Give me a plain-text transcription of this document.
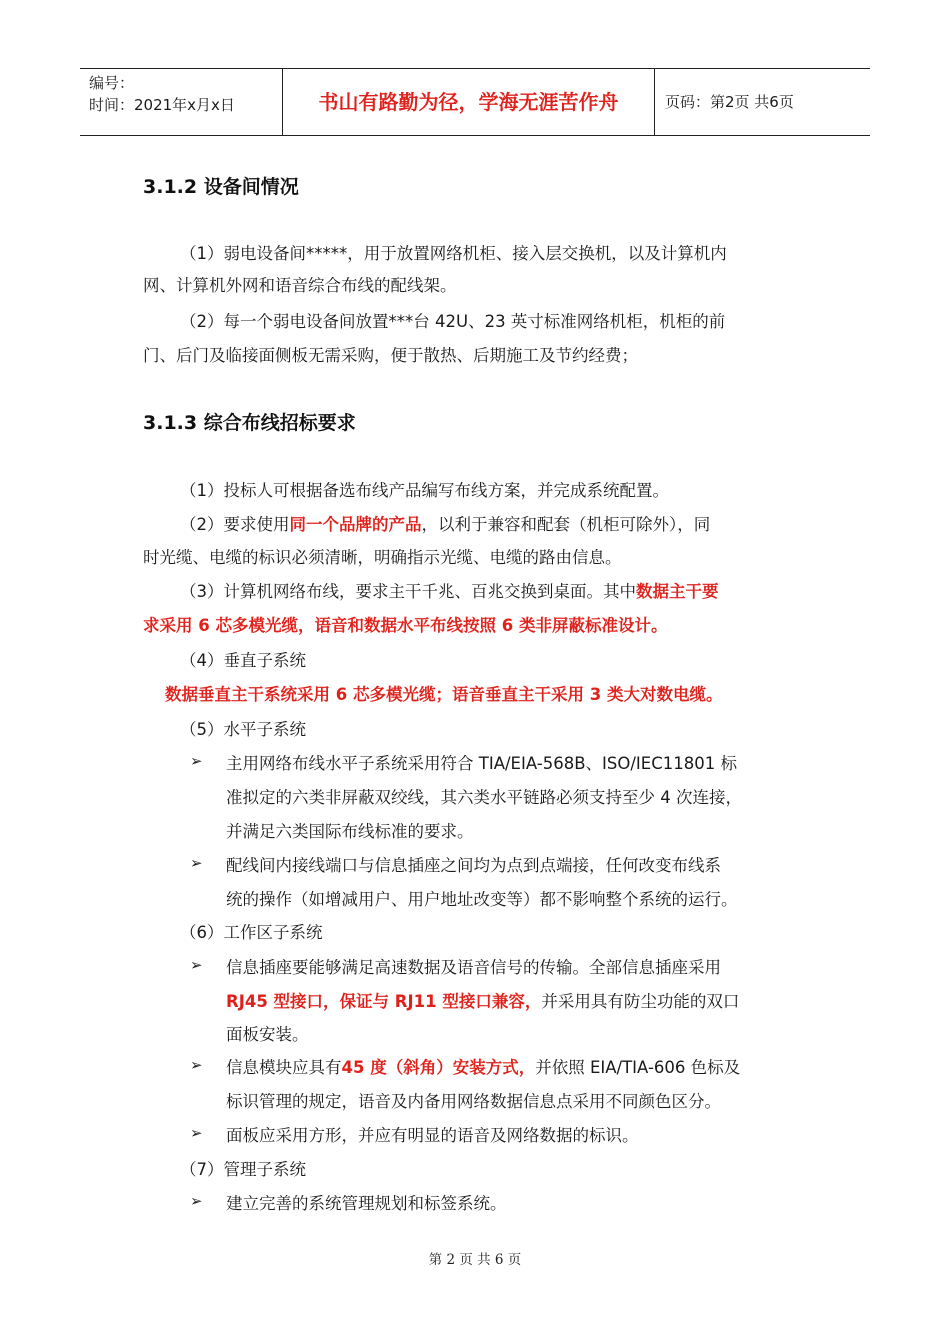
编号：
时间：2021年x月x日	书山有路勤为径，学海无涯苦作舟	页码：第2页 共6页
3.1.2 设备间情况
（1）弱电设备间*****，用于放置网络机柜、接入层交换机，以及计算机内
网、计算机外网和语音综合布线的配线架。
（2）每一个弱电设备间放置***台 42U、23 英寸标准网络机柜，机柜的前
门、后门及临接面侧板无需采购，便于散热、后期施工及节约经费；
3.1.3 综合布线招标要求
（1）投标人可根据备选布线产品编写布线方案，并完成系统配置。
（2）要求使用同一个品牌的产品，以利于兼容和配套（机柜可除外），同
时光缆、电缆的标识必须清晰，明确指示光缆、电缆的路由信息。
（3）计算机网络布线，要求主干千兆、百兆交换到桌面。其中数据主干要
求采用 6 芯多模光缆，语音和数据水平布线按照 6 类非屏蔽标准设计。
（4）垂直子系统
数据垂直主干系统采用 6 芯多模光缆；语音垂直主干采用 3 类大对数电缆。
（5）水平子系统
➢ 主用网络布线水平子系统采用符合 TIA/EIA-568B、ISO/IEC11801 标
准拟定的六类非屏蔽双绞线，其六类水平链路必须支持至少 4 次连接，
并满足六类国际布线标准的要求。
➢ 配线间内接线端口与信息插座之间均为点到点端接，任何改变布线系
统的操作（如增减用户、用户地址改变等）都不影响整个系统的运行。
（6）工作区子系统
➢ 信息插座要能够满足高速数据及语音信号的传输。全部信息插座采用
RJ45 型接口，保证与 RJ11 型接口兼容，并采用具有防尘功能的双口
面板安装。
➢ 信息模块应具有45 度（斜角）安装方式，并依照 EIA/TIA-606 色标及
标识管理的规定，语音及内备用网络数据信息点采用不同颜色区分。
➢ 面板应采用方形，并应有明显的语音及网络数据的标识。
（7）管理子系统
➢ 建立完善的系统管理规划和标签系统。
第 2 页 共 6 页
